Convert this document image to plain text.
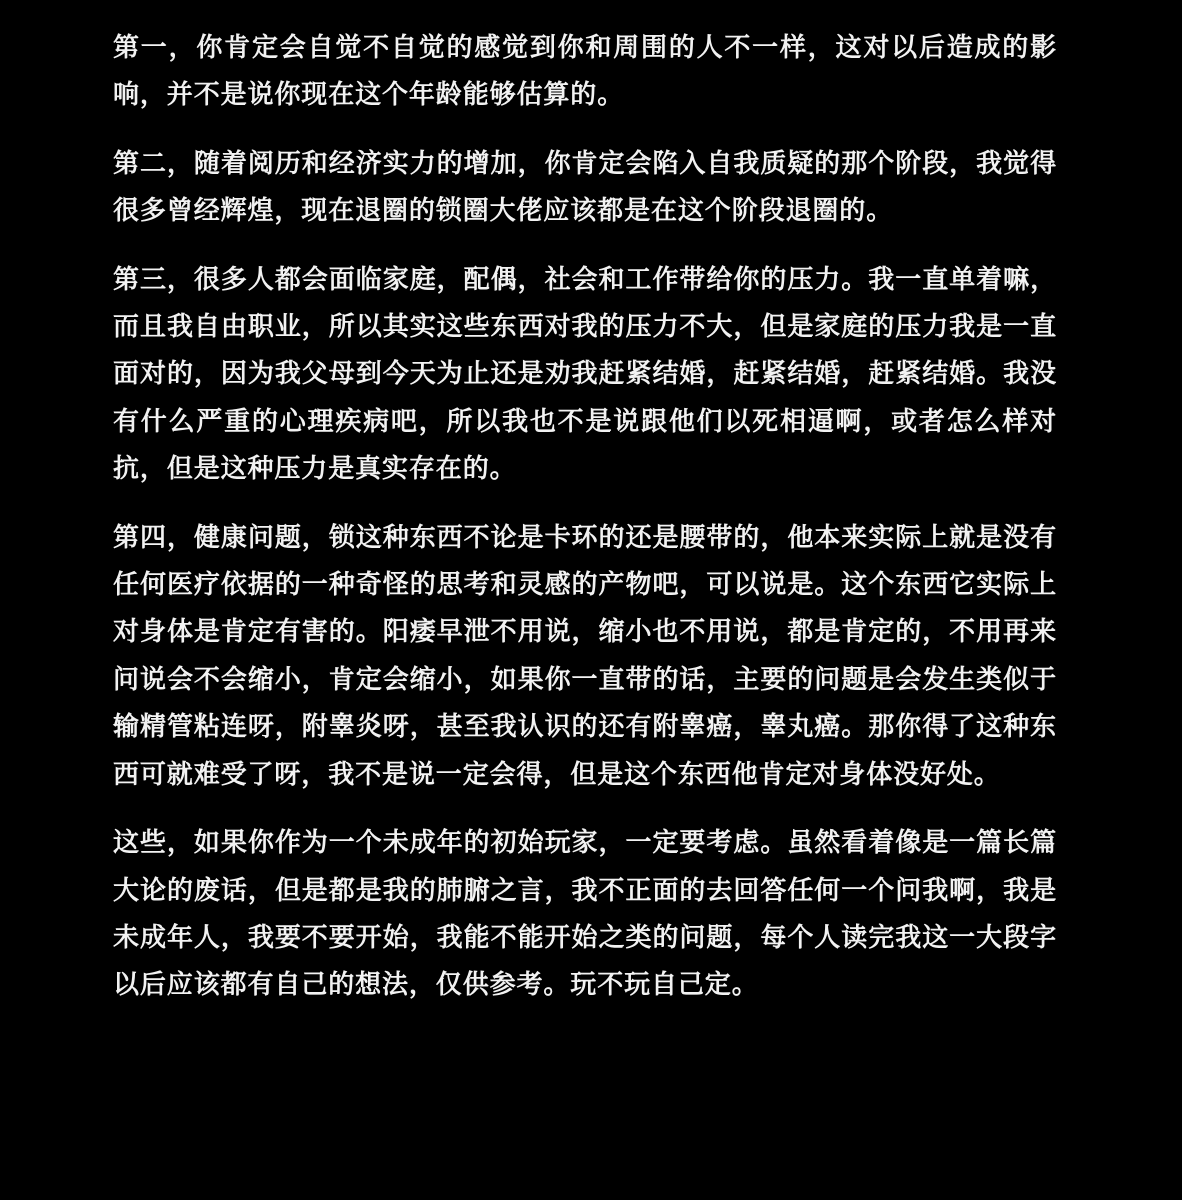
第一，你肯定会自觉不自觉的感觉到你和周围的人不一样，这对以后造成的影响，并不是说你现在这个年龄能够估算的。

第二，随着阅历和经济实力的增加，你肯定会陷入自我质疑的那个阶段，我觉得很多曾经辉煌，现在退圈的锁圈大佬应该都是在这个阶段退圈的。

第三，很多人都会面临家庭，配偶，社会和工作带给你的压力。我一直单着嘛，而且我自由职业，所以其实这些东西对我的压力不大，但是家庭的压力我是一直面对的，因为我父母到今天为止还是劝我赶紧结婚，赶紧结婚，赶紧结婚。我没有什么严重的心理疾病吧，所以我也不是说跟他们以死相逼啊，或者怎么样对抗，但是这种压力是真实存在的。

第四，健康问题，锁这种东西不论是卡环的还是腰带的，他本来实际上就是没有任何医疗依据的一种奇怪的思考和灵感的产物吧，可以说是。这个东西它实际上对身体是肯定有害的。阳痿早泄不用说，缩小也不用说，都是肯定的，不用再来问说会不会缩小，肯定会缩小，如果你一直带的话，主要的问题是会发生类似于输精管粘连呀，附睾炎呀，甚至我认识的还有附睾癌，睾丸癌。那你得了这种东西可就难受了呀，我不是说一定会得，但是这个东西他肯定对身体没好处。

这些，如果你作为一个未成年的初始玩家，一定要考虑。虽然看着像是一篇长篇大论的废话，但是都是我的肺腑之言，我不正面的去回答任何一个问我啊，我是未成年人，我要不要开始，我能不能开始之类的问题，每个人读完我这一大段字以后应该都有自己的想法，仅供参考。玩不玩自己定。
